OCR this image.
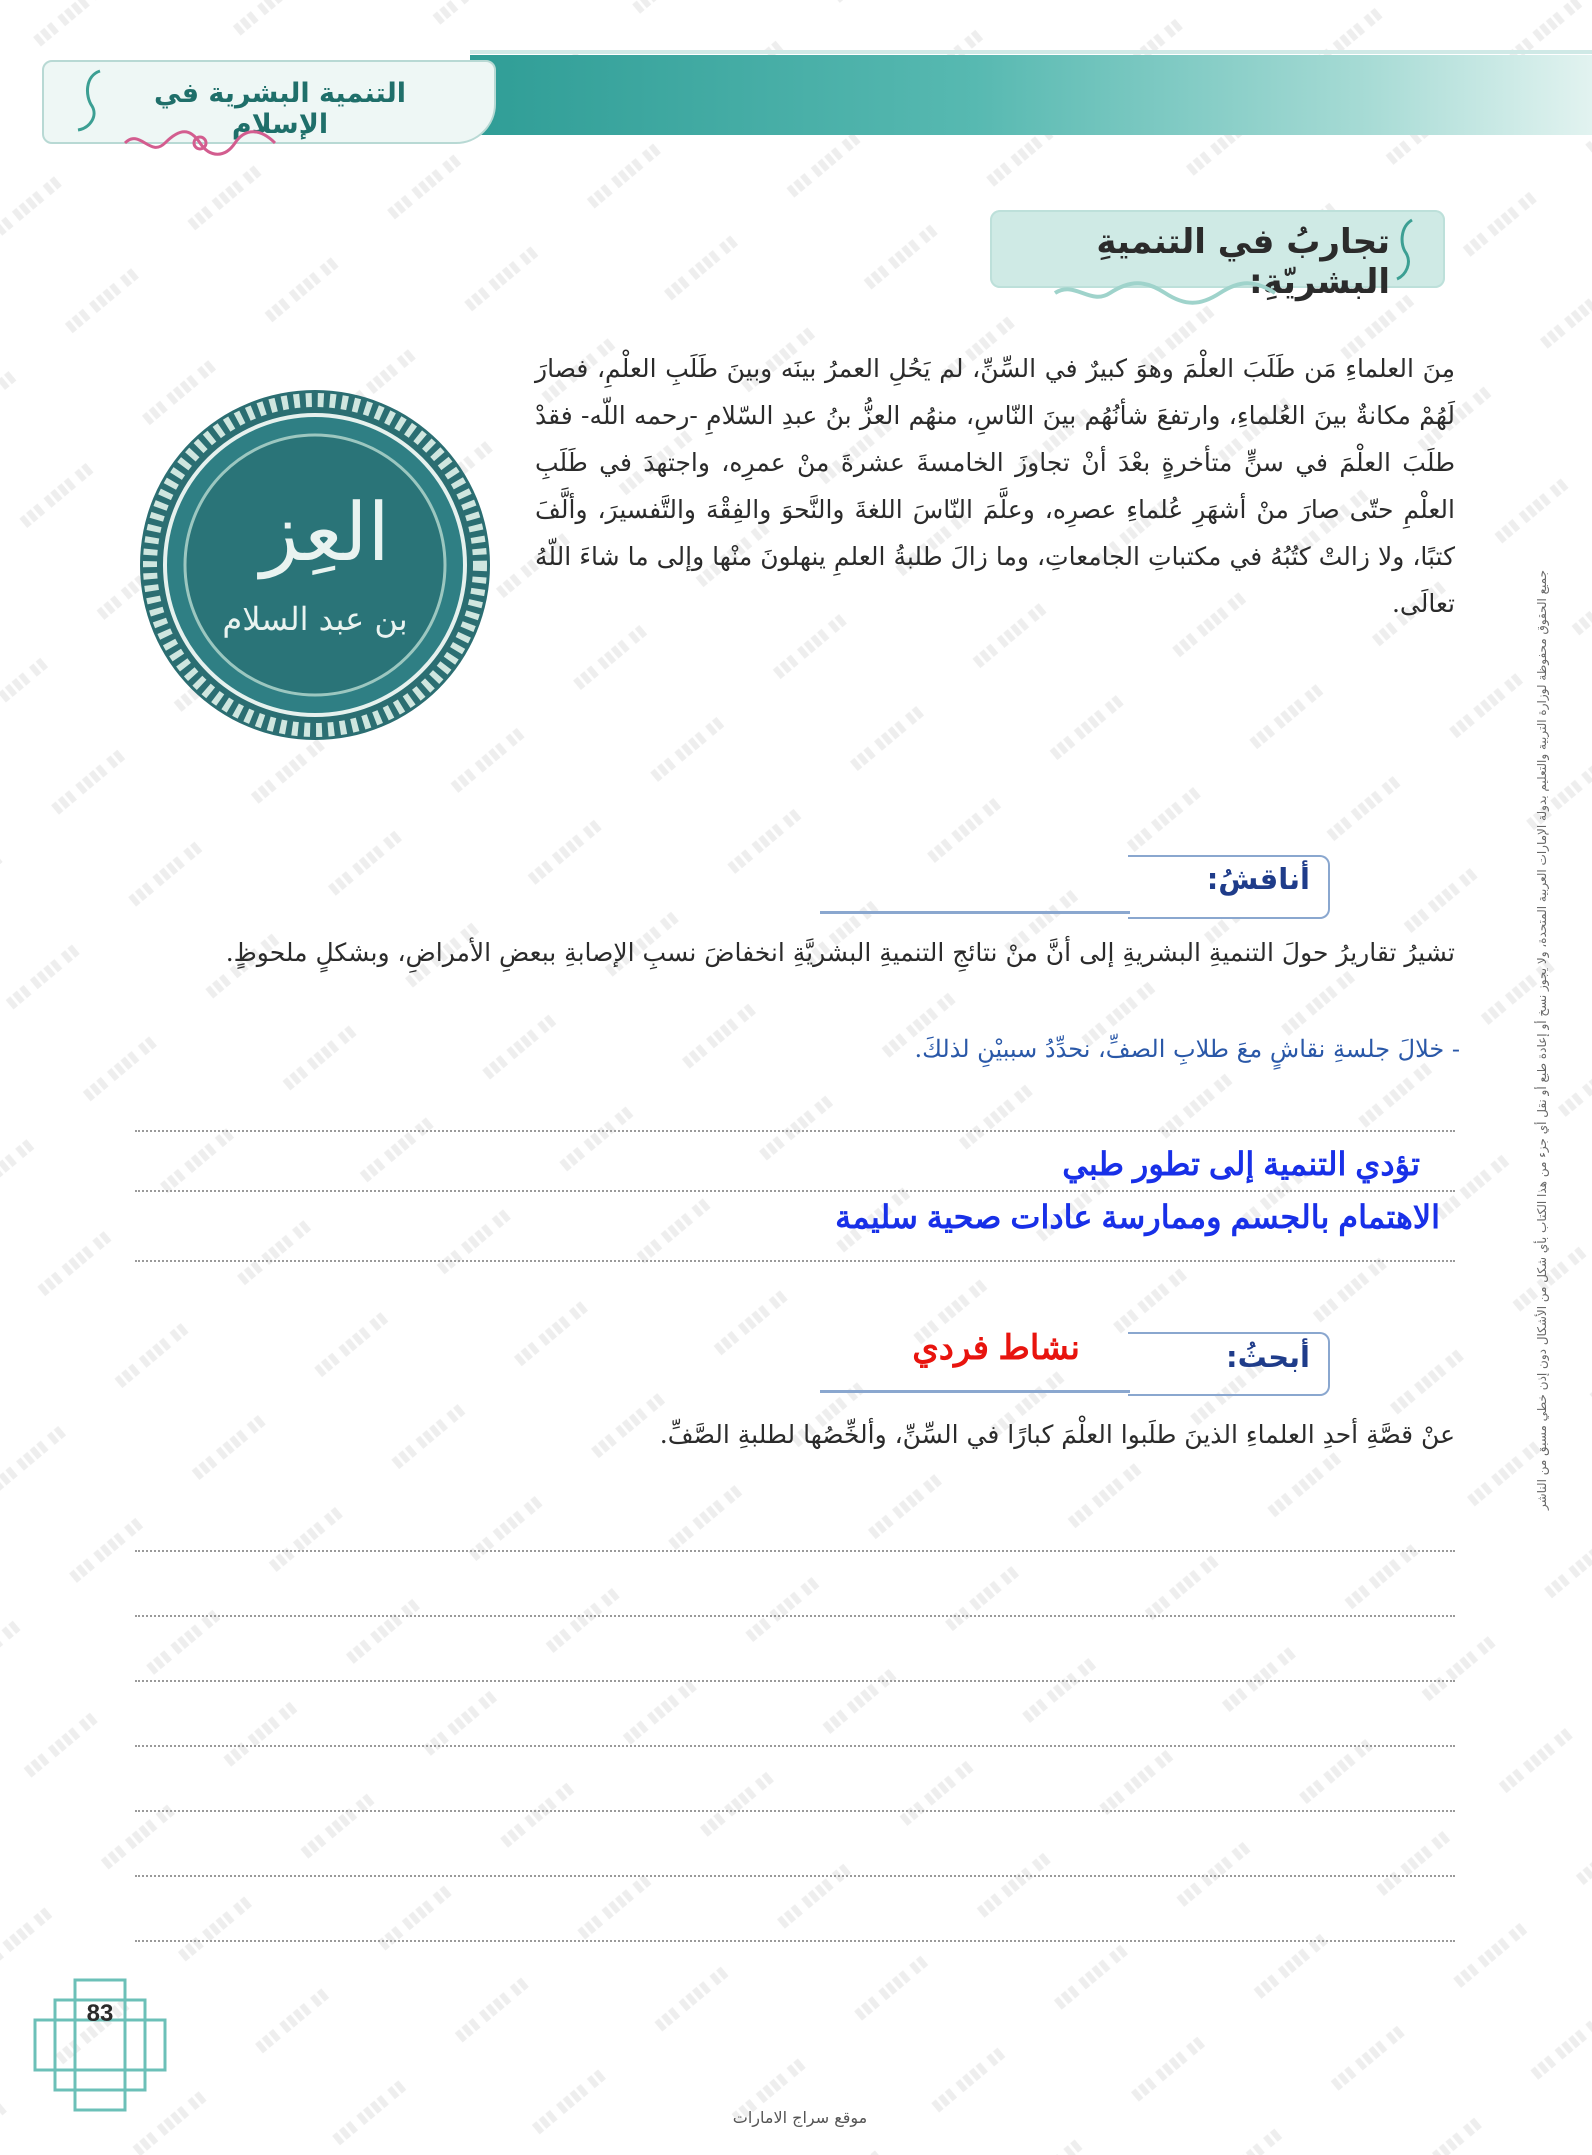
التنمية البشرية في الإسلام
تجاربُ في التنميةِ البشريّةِ:
مِنَ العلماءِ مَن طَلَبَ العلْمَ وهوَ كبيرٌ في السِّنِّ، لم يَحُلِ العمرُ بينَه وبينَ طَلَبِ العلْمِ، فصارَ لَهُمْ مكانةٌ بينَ العُلماءِ، وارتفعَ شأنُهُم بينَ النّاسِ، منهُم العزُّ بنُ عبدِ السّلامِ -رحمه اللّه- فقدْ طلَبَ العلْمَ في سنٍّ متأخرةٍ بعْدَ أنْ تجاوزَ الخامسةَ عشرةَ منْ عمرِه، واجتهدَ في طَلَبِ العلْمِ حتّى صارَ منْ أشهَرِ عُلماءِ عصرِه، وعلَّمَ النّاسَ اللغةَ والنَّحوَ والفِقْهَ والتَّفسيرَ، وألَّفَ كتبًا، ولا زالتْ كتُبُهُ في مكتباتِ الجامعاتِ، وما زالَ طلبةُ العلمِ ينهلونَ منْها وإلى ما شاءَ اللّهُ تعالَى.
العِز
بن عبد السلام
أناقشُ:
تشيرُ تقاريرُ حولَ التنميةِ البشريةِ إلى أنَّ منْ نتائجِ التنميةِ البشريَّةِ انخفاضَ نسبِ الإصابةِ ببعضِ الأمراضِ، وبشكلٍ ملحوظٍ.
- خلالَ جلسةِ نقاشٍ معَ طلابِ الصفِّ، نحدِّدُ سببيْنِ لذلكَ.
تؤدي التنمية إلى تطور طبي
الاهتمام بالجسم وممارسة عادات صحية سليمة
أبحثُ:
نشاط فردي
عنْ قصَّةِ أحدِ العلماءِ الذينَ طلَبوا العلْمَ كبارًا في السِّنِّ، وألخِّصُها لطلبةِ الصَّفِّ.	جميع الحقوق محفوظة لوزارة التربية والتعليم بدولة الإمارات العربية المتحدة، ولا يجوز نسخ أو إعادة طبع أو نقل أي جزء من هذا الكتاب بأي شكل من الأشكال دون إذن خطي مسبق من الناشر
83
موقع سراج الامارات
